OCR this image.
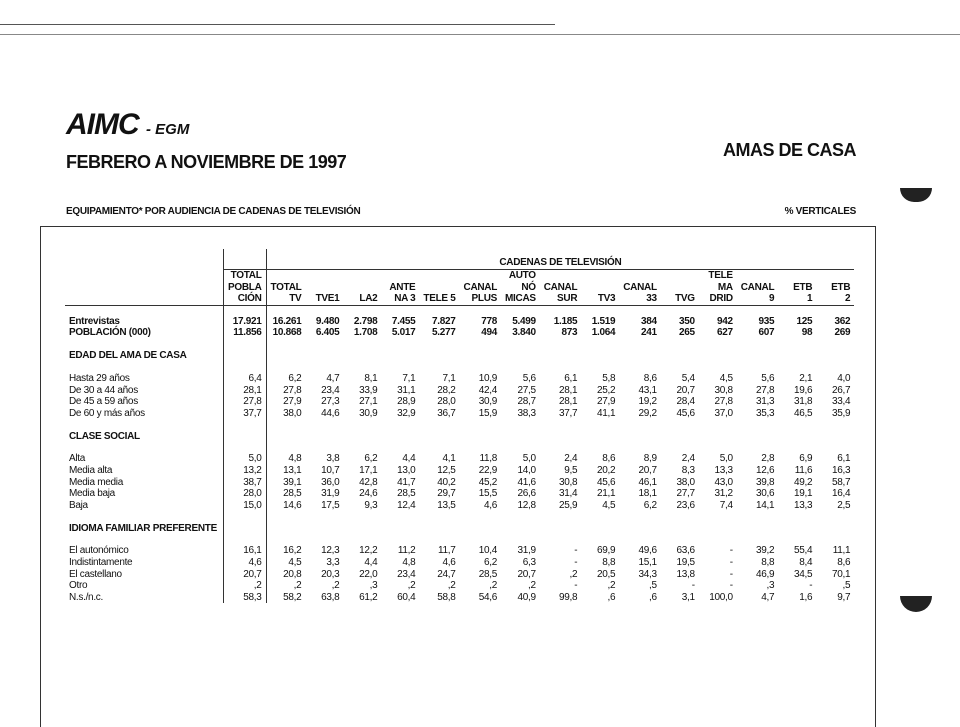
AIMC - EGM
FEBRERO A NOVIEMBRE DE 1997
AMAS DE CASA
EQUIPAMIENTO* POR AUDIENCIA DE CADENAS DE TELEVISIÓN	% VERTICALES
		CADENAS DE TELEVISIÓN														
	TOTAL							AUTO					TELE			
	POBLA	TOTAL			ANTE		CANAL	NÓ	CANAL		CANAL		MA	CANAL	ETB	ETB
	CIÓN	TV	TVE1	LA2	NA 3	TELE 5	PLUS	MICAS	SUR	TV3	33	TVG	DRID	9	1	2

Entrevistas	17.921	16.261	9.480	2.798	7.455	7.827	778	5.499	1.185	1.519	384	350	942	935	125	362
POBLACIÓN (000)	11.856	10.868	6.405	1.708	5.017	5.277	494	3.840	873	1.064	241	265	627	607	98	269
EDAD DEL AMA DE CASA																

Hasta 29 años	6,4	6,2	4,7	8,1	7,1	7,1	10,9	5,6	6,1	5,8	8,6	5,4	4,5	5,6	2,1	4,0
De 30 a 44 años	28,1	27,8	23,4	33,9	31,1	28,2	42,4	27,5	28,1	25,2	43,1	20,7	30,8	27,8	19,6	26,7
De 45 a 59 años	27,8	27,9	27,3	27,1	28,9	28,0	30,9	28,7	28,1	27,9	19,2	28,4	27,8	31,3	31,8	33,4
De 60 y más años	37,7	38,0	44,6	30,9	32,9	36,7	15,9	38,3	37,7	41,1	29,2	45,6	37,0	35,3	46,5	35,9
CLASE SOCIAL																

Alta	5,0	4,8	3,8	6,2	4,4	4,1	11,8	5,0	2,4	8,6	8,9	2,4	5,0	2,8	6,9	6,1
Media alta	13,2	13,1	10,7	17,1	13,0	12,5	22,9	14,0	9,5	20,2	20,7	8,3	13,3	12,6	11,6	16,3
Media media	38,7	39,1	36,0	42,8	41,7	40,2	45,2	41,6	30,8	45,6	46,1	38,0	43,0	39,8	49,2	58,7
Media baja	28,0	28,5	31,9	24,6	28,5	29,7	15,5	26,6	31,4	21,1	18,1	27,7	31,2	30,6	19,1	16,4
Baja	15,0	14,6	17,5	9,3	12,4	13,5	4,6	12,8	25,9	4,5	6,2	23,6	7,4	14,1	13,3	2,5
IDIOMA FAMILIAR PREFERENTE																

El autonómico	16,1	16,2	12,3	12,2	11,2	11,7	10,4	31,9	-	69,9	49,6	63,6	-	39,2	55,4	11,1
Indistintamente	4,6	4,5	3,3	4,4	4,8	4,6	6,2	6,3	-	8,8	15,1	19,5	-	8,8	8,4	8,6
El castellano	20,7	20,8	20,3	22,0	23,4	24,7	28,5	20,7	,2	20,5	34,3	13,8	-	46,9	34,5	70,1
Otro	,2	,2	,2	,3	,2	,2	,2	,2	-	,2	,5	-	-	,3	-	,5
N.s./n.c.	58,3	58,2	63,8	61,2	60,4	58,8	54,6	40,9	99,8	,6	,6	3,1	100,0	4,7	1,6	9,7
